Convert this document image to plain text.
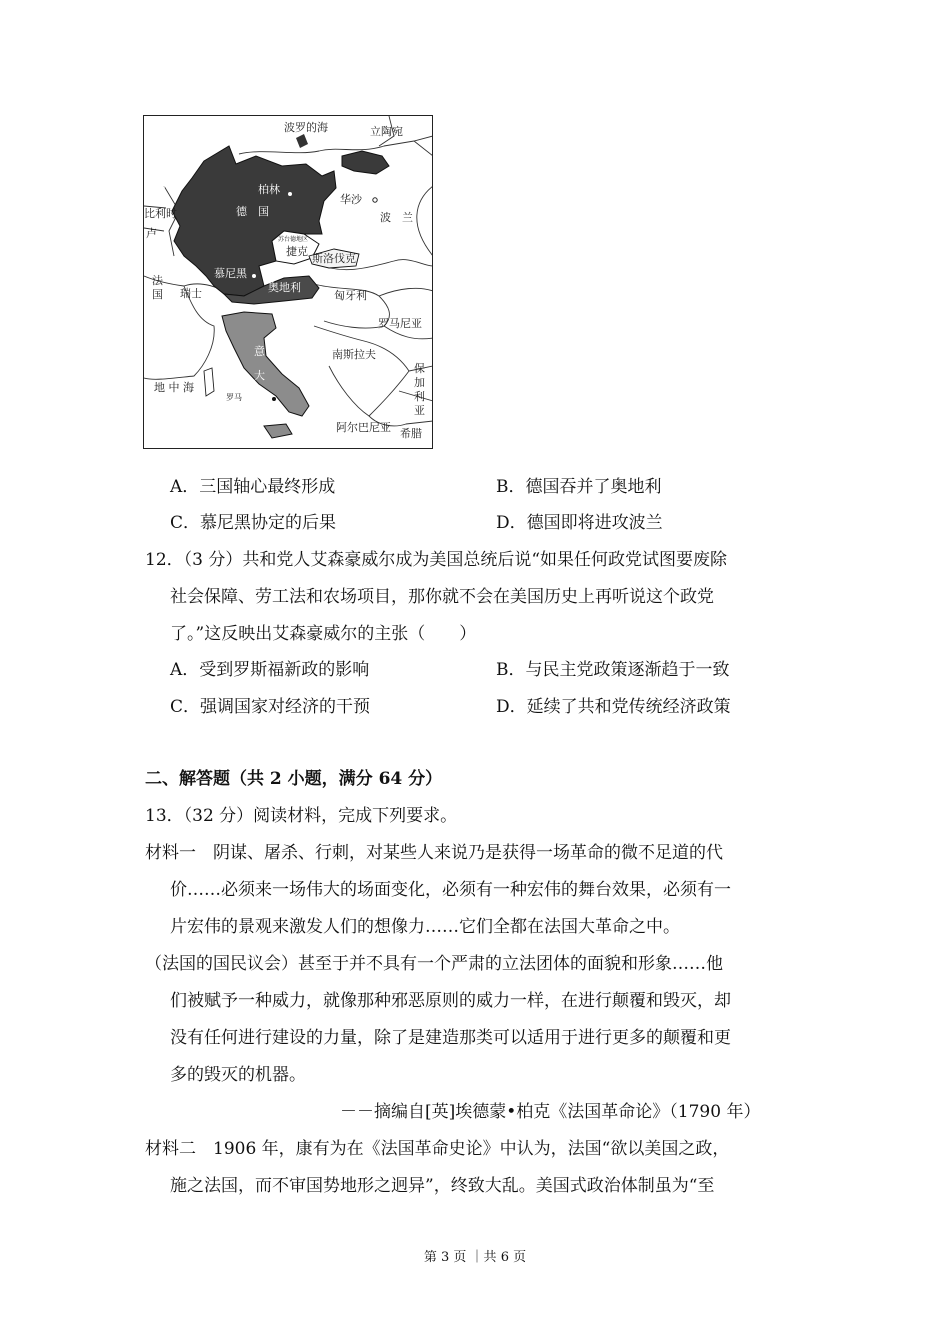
波罗的海	立陶宛
柏林
德　国
华沙
波　兰
苏台德地区
捷克
斯洛伐克
慕尼黑
奥地利
匈牙利
瑞士
法国
罗马尼亚
南斯拉夫
保加利亚
意大利
罗马
地 中 海
阿尔巴尼亚 希腊
比利时
荷兰
卢
A．三国轴心最终形成	B．德国吞并了奥地利
C．慕尼黑协定的后果	D．德国即将进攻波兰
12．（3 分）共和党人艾森豪威尔成为美国总统后说“如果任何政党试图要废除
社会保障、劳工法和农场项目，那你就不会在美国历史上再听说这个政党
了。”这反映出艾森豪威尔的主张（　　）
A．受到罗斯福新政的影响	B．与民主党政策逐渐趋于一致
C．强调国家对经济的干预	D．延续了共和党传统经济政策
二、解答题（共 2 小题，满分 64 分）
13．（32 分）阅读材料，完成下列要求。
材料一　阴谋、屠杀、行刺，对某些人来说乃是获得一场革命的微不足道的代
价……必须来一场伟大的场面变化，必须有一种宏伟的舞台效果，必须有一
片宏伟的景观来激发人们的想像力……它们全都在法国大革命之中。
（法国的国民议会）甚至于并不具有一个严肃的立法团体的面貌和形象……他
们被赋予一种威力，就像那种邪恶原则的威力一样，在进行颠覆和毁灭，却
没有任何进行建设的力量，除了是建造那类可以适用于进行更多的颠覆和更
多的毁灭的机器。
－－摘编自[英]埃德蒙•柏克《法国革命论》（1790 年）
材料二　1906 年，康有为在《法国革命史论》中认为，法国“欲以美国之政，
施之法国，而不审国势地形之迥异”，终致大乱。美国式政治体制虽为“至
第 3 页 ｜共 6 页
